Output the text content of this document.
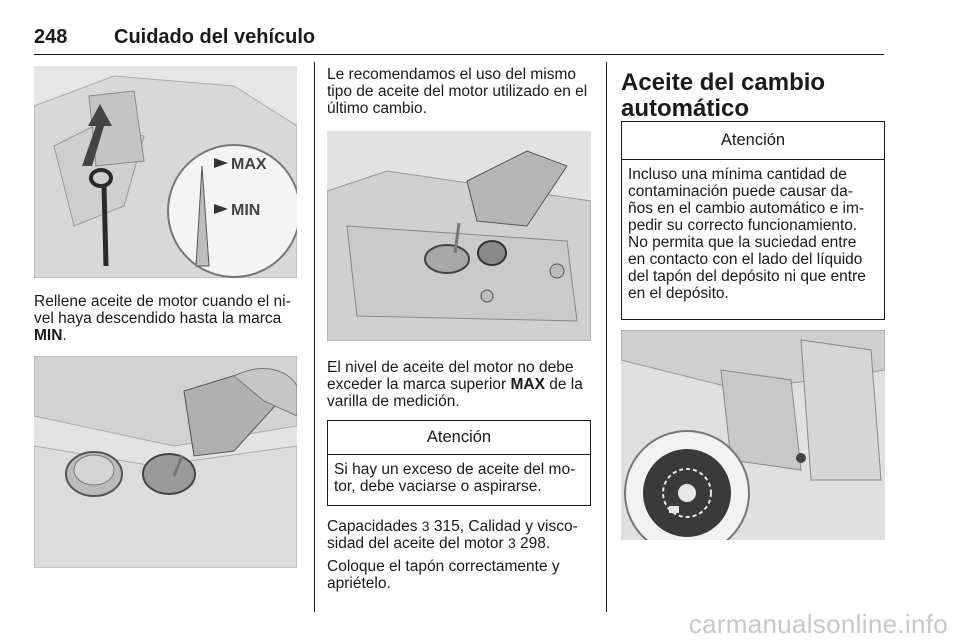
248 Cuidado del vehículo
MAX
MIN

Rellene aceite de motor cuando el ni-
vel haya descendido hasta la marca
MIN.

Le recomendamos el uso del mismo
tipo de aceite del motor utilizado en el
último cambio.

El nivel de aceite del motor no debe
exceder la marca superior MAX de la
varilla de medición.

Atención
Si hay un exceso de aceite del mo-
tor, debe vaciarse o aspirarse.

Capacidades 3 315, Calidad y visco-
sidad del aceite del motor 3 298.

Coloque el tapón correctamente y
apriételo.

Aceite del cambio
automático
Atención
Incluso una mínima cantidad de
contaminación puede causar da-
ños en el cambio automático e im-
pedir su correcto funcionamiento.
No permita que la suciedad entre
en contacto con el lado del líquido
del tapón del depósito ni que entre
en el depósito.
carmanualsonline.info
